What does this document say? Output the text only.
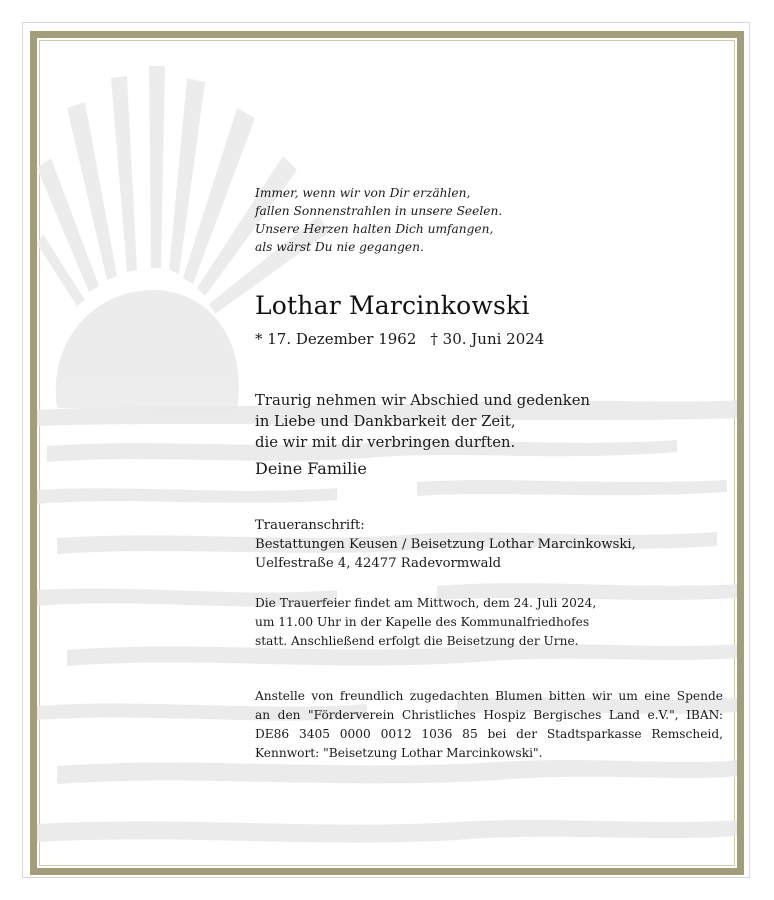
Immer, wenn wir von Dir erzählen,
fallen Sonnenstrahlen in unsere Seelen.
Unsere Herzen halten Dich umfangen,
als wärst Du nie gegangen.
Lothar Marcinkowski
* 17. Dezember 1962 † 30. Juni 2024
Traurig nehmen wir Abschied und gedenken
in Liebe und Dankbarkeit der Zeit,
die wir mit dir verbringen durften.
Deine Familie
Traueranschrift:
Bestattungen Keusen / Beisetzung Lothar Marcinkowski,
Uelfestraße 4, 42477 Radevormwald
Die Trauerfeier findet am Mittwoch, dem 24. Juli 2024,
um 11.00 Uhr in der Kapelle des Kommunalfriedhofes
statt. Anschließend erfolgt die Beisetzung der Urne.
Anstelle von freundlich zugedachten Blumen bitten wir um eine Spende
an den "Förderverein Christliches Hospiz Bergisches Land e.V.", IBAN:
DE86 3405 0000 0012 1036 85 bei der Stadtsparkasse Remscheid,
Kennwort: "Beisetzung Lothar Marcinkowski".
